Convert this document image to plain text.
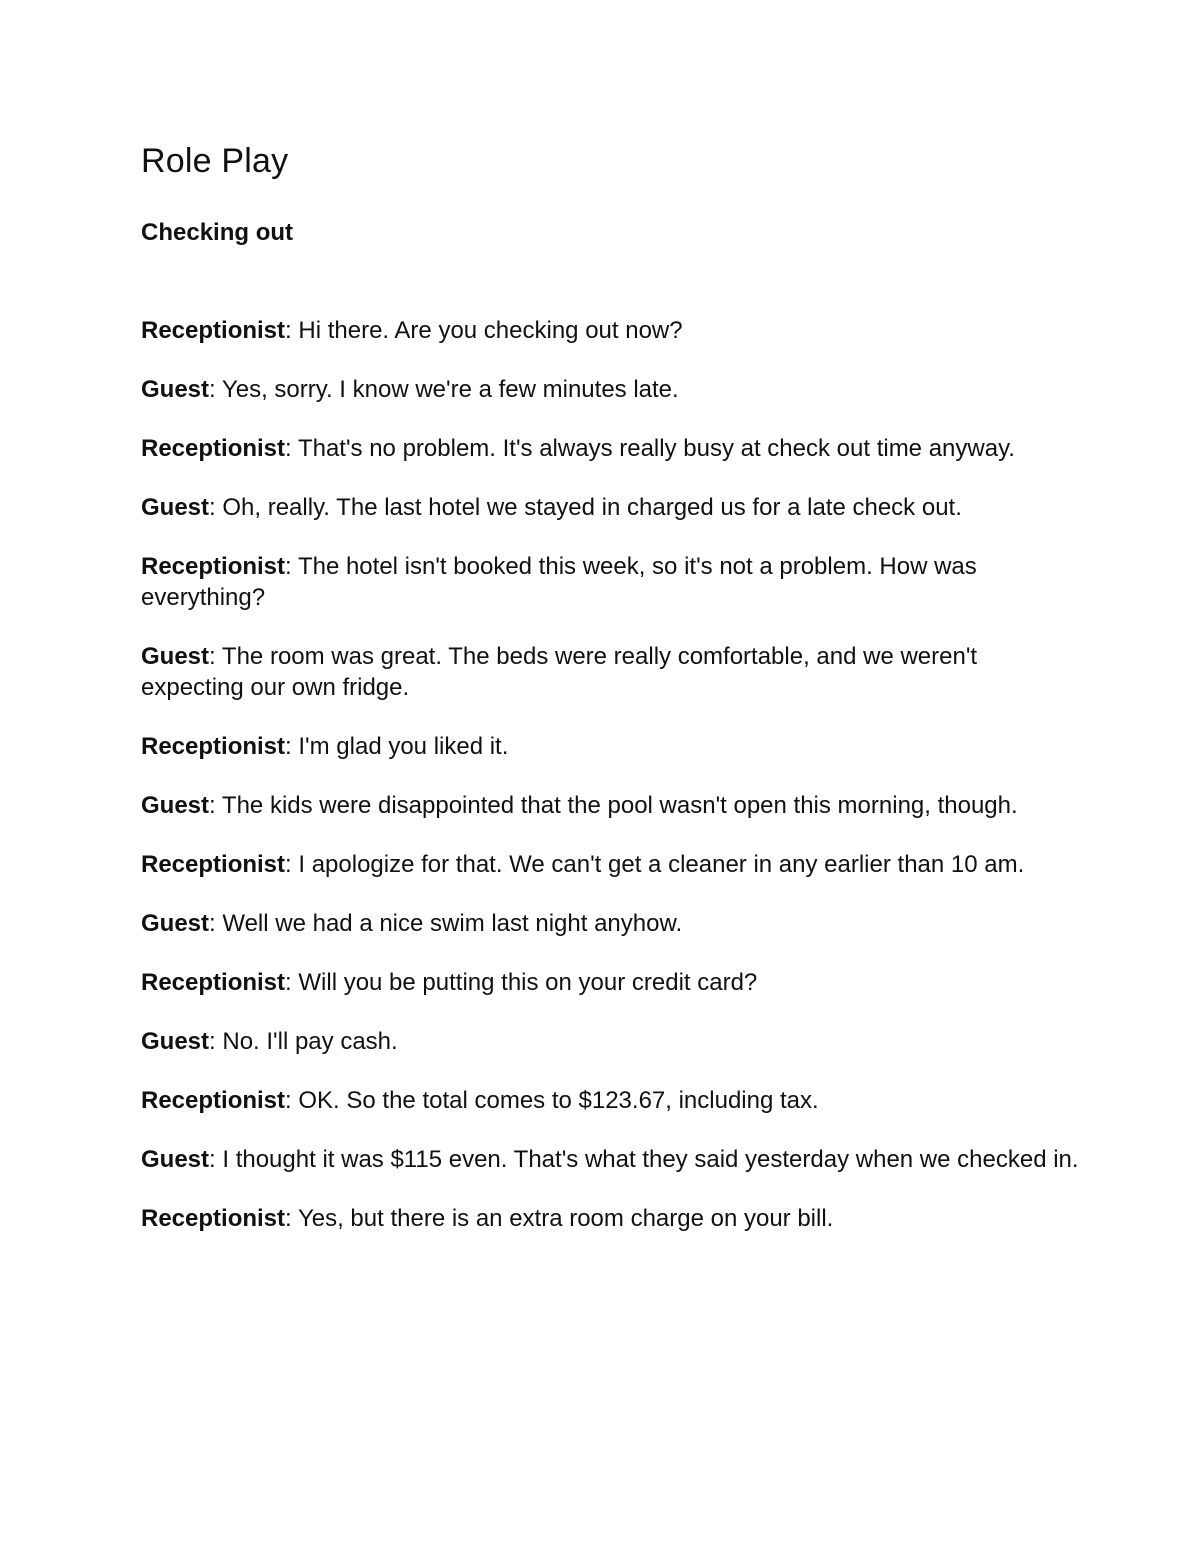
Role Play
Checking out

Receptionist: Hi there. Are you checking out now?

Guest: Yes, sorry. I know we're a few minutes late.

Receptionist: That's no problem. It's always really busy at check out time anyway.

Guest: Oh, really. The last hotel we stayed in charged us for a late check out.

Receptionist: The hotel isn't booked this week, so it's not a problem. How was everything?

Guest: The room was great. The beds were really comfortable, and we weren't expecting our own fridge.

Receptionist: I'm glad you liked it.

Guest: The kids were disappointed that the pool wasn't open this morning, though.

Receptionist: I apologize for that. We can't get a cleaner in any earlier than 10 am.

Guest: Well we had a nice swim last night anyhow.

Receptionist: Will you be putting this on your credit card?

Guest: No. I'll pay cash.

Receptionist: OK. So the total comes to $123.67, including tax.

Guest: I thought it was $115 even. That's what they said yesterday when we checked in.

Receptionist: Yes, but there is an extra room charge on your bill.
